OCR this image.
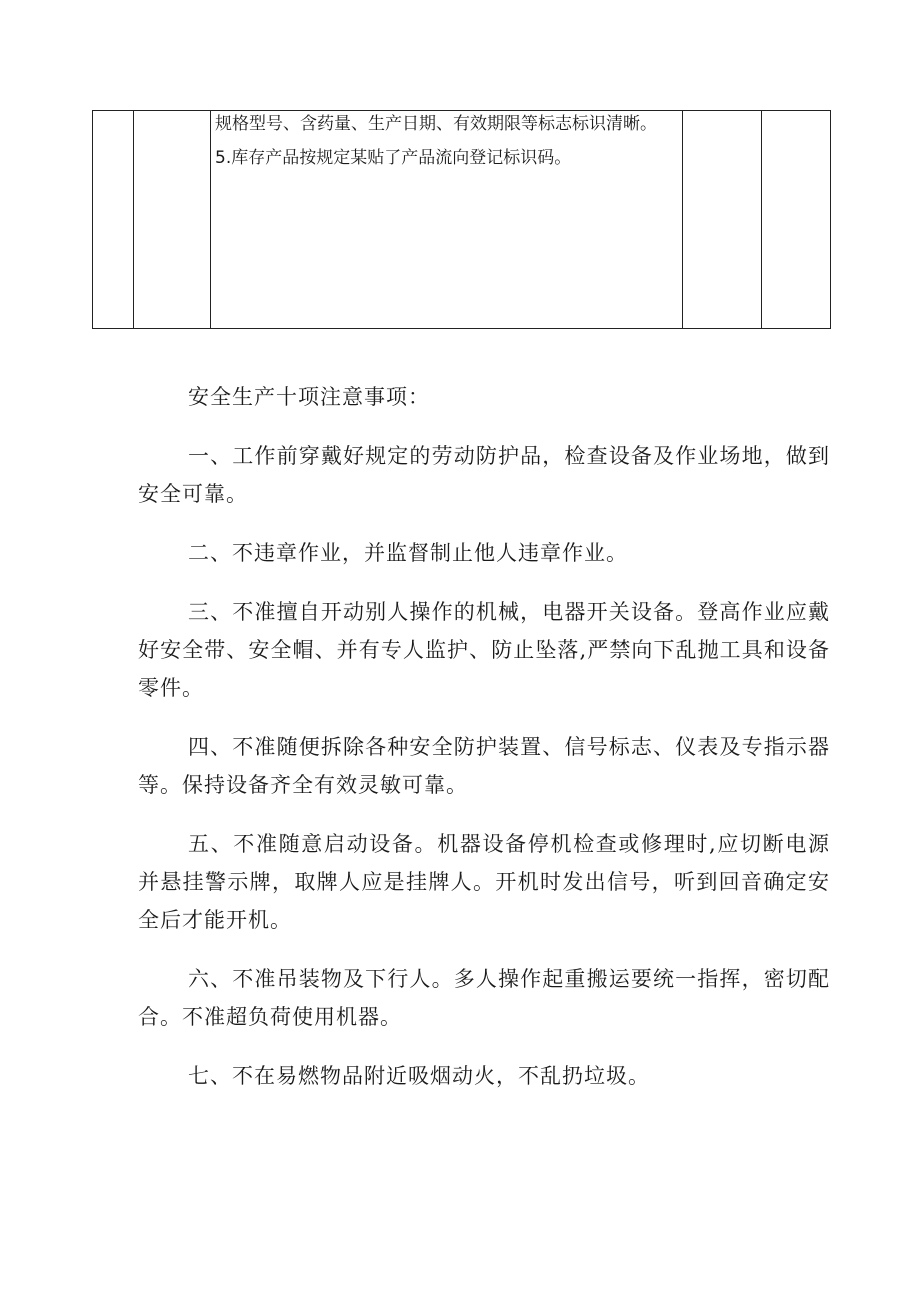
规格型号、含药量、生产日期、有效期限等标志标识清晰。

5.库存产品按规定某贴了产品流向登记标识码。

安全生产十项注意事项：

一、工作前穿戴好规定的劳动防护品，检查设备及作业场地，做到安全可靠。

二、不违章作业，并监督制止他人违章作业。

三、不准擅自开动别人操作的机械，电器开关设备。登高作业应戴好安全带、安全帽、并有专人监护、防止坠落,严禁向下乱抛工具和设备零件。

四、不准随便拆除各种安全防护装置、信号标志、仪表及专指示器等。保持设备齐全有效灵敏可靠。

五、不准随意启动设备。机器设备停机检查或修理时,应切断电源并悬挂警示牌，取牌人应是挂牌人。开机时发出信号，听到回音确定安全后才能开机。

六、不准吊装物及下行人。多人操作起重搬运要统一指挥，密切配合。不准超负荷使用机器。

七、不在易燃物品附近吸烟动火，不乱扔垃圾。
